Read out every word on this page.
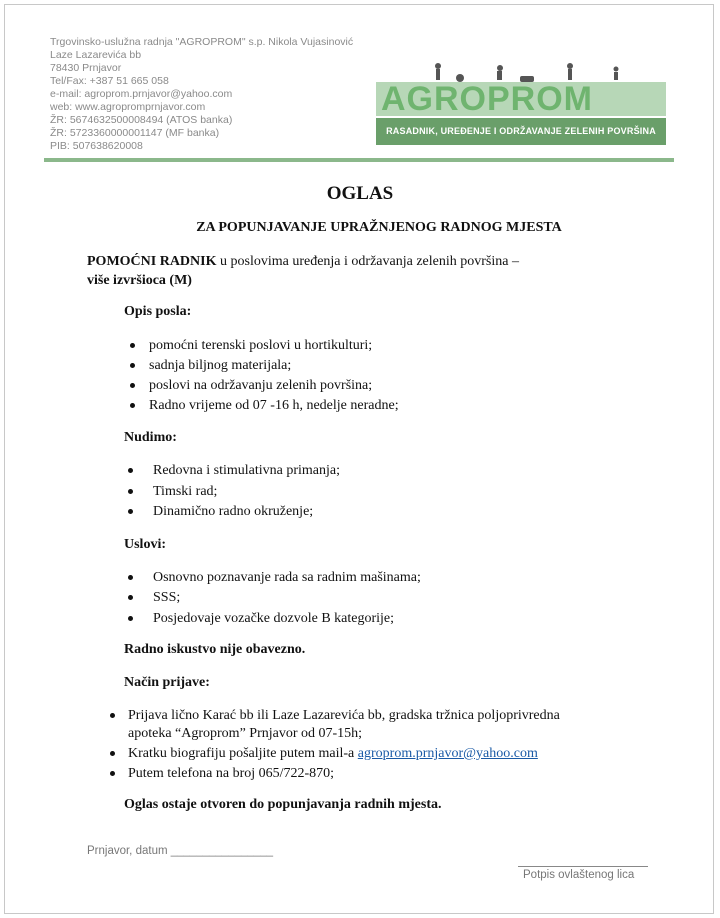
Trgovinsko-uslužna radnja "AGROPROM" s.p. Nikola Vujasinović
Laze Lazarevića bb
78430 Prnjavor
Tel/Fax: +387 51 665 058
e-mail: agroprom.prnjavor@yahoo.com
web: www.agropromprnjavor.com
ŽR: 5674632500008494 (ATOS banka)
ŽR: 5723360000001147 (MF banka)
PIB: 507638620008
AGROPROM
RASADNIK, UREĐENJE I ODRŽAVANJE ZELENIH POVRŠINA
OGLAS
ZA POPUNJAVANJE UPRAŽNJENOG RADNOG MJESTA
POMOĆNI RADNIK u poslovima uređenja i održavanja zelenih površina –
više izvršioca (M)
Opis posla:
pomoćni terenski poslovi u hortikulturi;
sadnja biljnog materijala;
poslovi na održavanju zelenih površina;
Radno vrijeme od 07 -16 h, nedelje neradne;
Nudimo:
Redovna i stimulativna primanja;
Timski rad;
Dinamično radno okruženje;
Uslovi:
Osnovno poznavanje rada sa radnim mašinama;
SSS;
Posjedovaje vozačke dozvole B kategorije;
Radno iskustvo nije obavezno.
Način prijave:
Prijava lično Karać bb ili Laze Lazarevića bb, gradska tržnica poljoprivredna
apoteka “Agroprom” Prnjavor od 07-15h;
Kratku biografiju pošaljite putem mail-a agroprom.prnjavor@yahoo.com
Putem telefona na broj 065/722-870;
Oglas ostaje otvoren do popunjavanja radnih mjesta.
Prnjavor, datum ________________
Potpis ovlaštenog lica
